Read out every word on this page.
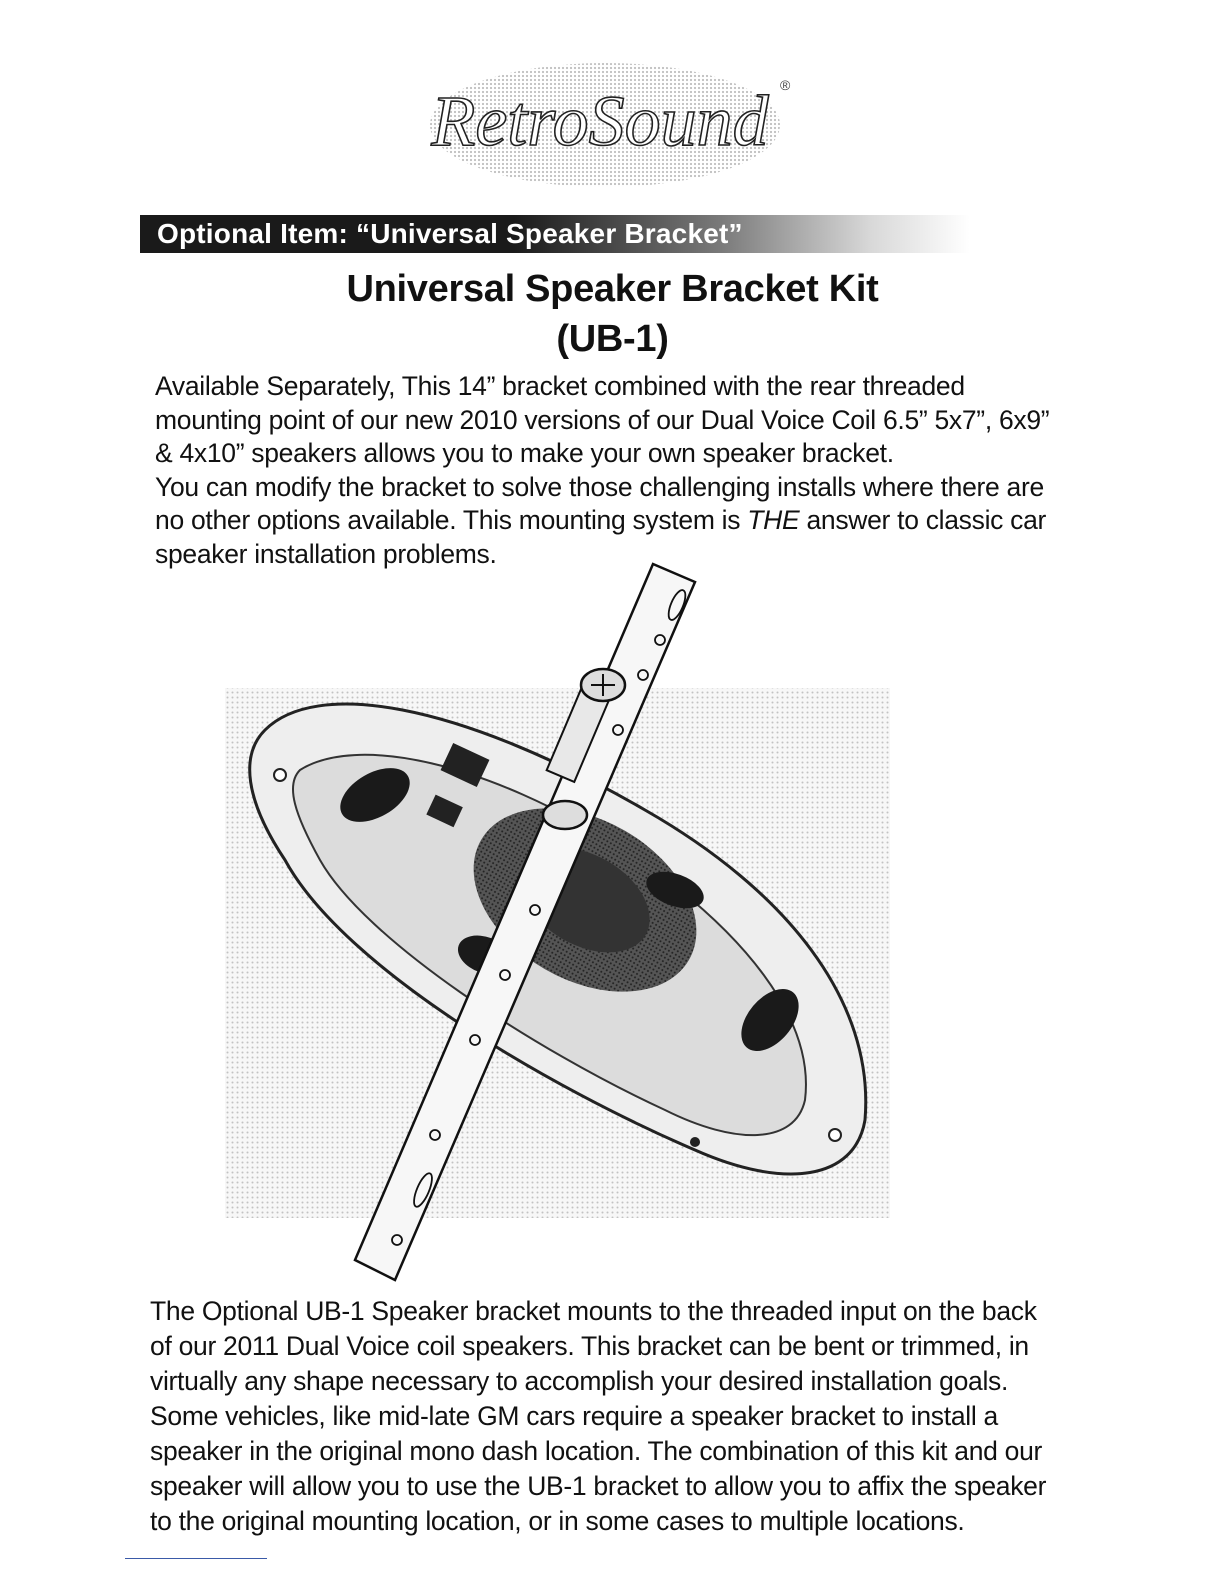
RetroSound ®
Optional Item: “Universal Speaker Bracket”
Universal Speaker Bracket Kit
(UB-1)
Available Separately, This 14” bracket combined with the rear threaded
mounting point of our new 2010 versions of our Dual Voice Coil 6.5” 5x7”, 6x9”
& 4x10” speakers allows you to make your own speaker bracket.
You can modify the bracket to solve those challenging installs where there are
no other options available. This mounting system is THE answer to classic car
speaker installation problems.
The Optional UB-1 Speaker bracket mounts to the threaded input on the back
of our 2011 Dual Voice coil speakers. This bracket can be bent or trimmed, in
virtually any shape necessary to accomplish your desired installation goals.
Some vehicles, like mid-late GM cars require a speaker bracket to install a
speaker in the original mono dash location. The combination of this kit and our
speaker will allow you to use the UB-1 bracket to allow you to affix the speaker
to the original mounting location, or in some cases to multiple locations.
